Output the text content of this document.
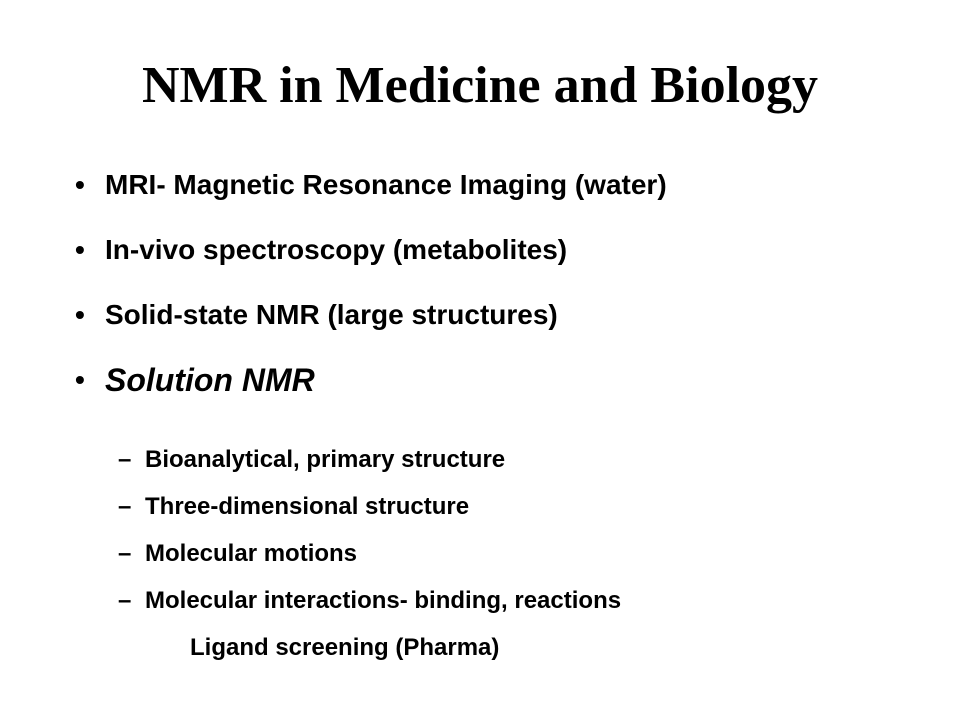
NMR in Medicine and Biology
• MRI- Magnetic Resonance Imaging (water)
• In-vivo spectroscopy (metabolites)
• Solid-state NMR (large structures)
• Solution NMR
– Bioanalytical, primary structure
– Three-dimensional structure
– Molecular motions
– Molecular interactions- binding, reactions
Ligand screening (Pharma)
